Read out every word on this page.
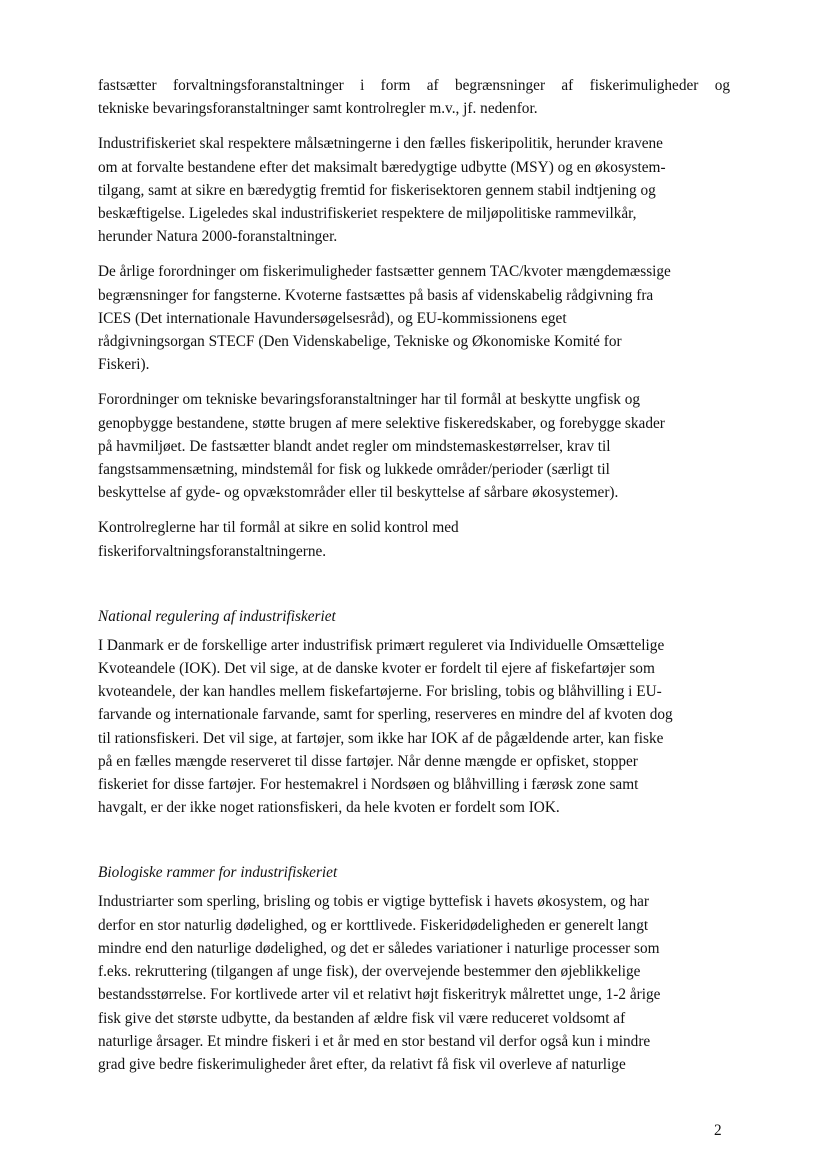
fastsætter forvaltningsforanstaltninger i form af begrænsninger af fiskerimuligheder og
tekniske bevaringsforanstaltninger samt kontrolregler m.v., jf. nedenfor.

Industrifiskeriet skal respektere målsætningerne i den fælles fiskeripolitik, herunder kravene
om at forvalte bestandene efter det maksimalt bæredygtige udbytte (MSY) og en økosystem-
tilgang, samt at sikre en bæredygtig fremtid for fiskerisektoren gennem stabil indtjening og
beskæftigelse. Ligeledes skal industrifiskeriet respektere de miljøpolitiske rammevilkår,
herunder Natura 2000-foranstaltninger.

De årlige forordninger om fiskerimuligheder fastsætter gennem TAC/kvoter mængdemæssige
begrænsninger for fangsterne. Kvoterne fastsættes på basis af videnskabelig rådgivning fra
ICES (Det internationale Havundersøgelsesråd), og EU-kommissionens eget
rådgivningsorgan STECF (Den Videnskabelige, Tekniske og Økonomiske Komité for
Fiskeri).

Forordninger om tekniske bevaringsforanstaltninger har til formål at beskytte ungfisk og
genopbygge bestandene, støtte brugen af mere selektive fiskeredskaber, og forebygge skader
på havmiljøet. De fastsætter blandt andet regler om mindstemaskestørrelser, krav til
fangstsammensætning, mindstemål for fisk og lukkede områder/perioder (særligt til
beskyttelse af gyde- og opvækstområder eller til beskyttelse af sårbare økosystemer).

Kontrolreglerne har til formål at sikre en solid kontrol med
fiskeriforvaltningsforanstaltningerne.

National regulering af industrifiskeriet

I Danmark er de forskellige arter industrifisk primært reguleret via Individuelle Omsættelige
Kvoteandele (IOK). Det vil sige, at de danske kvoter er fordelt til ejere af fiskefartøjer som
kvoteandele, der kan handles mellem fiskefartøjerne. For brisling, tobis og blåhvilling i EU-
farvande og internationale farvande, samt for sperling, reserveres en mindre del af kvoten dog
til rationsfiskeri. Det vil sige, at fartøjer, som ikke har IOK af de pågældende arter, kan fiske
på en fælles mængde reserveret til disse fartøjer. Når denne mængde er opfisket, stopper
fiskeriet for disse fartøjer. For hestemakrel i Nordsøen og blåhvilling i færøsk zone samt
havgalt, er der ikke noget rationsfiskeri, da hele kvoten er fordelt som IOK.

Biologiske rammer for industrifiskeriet

Industriarter som sperling, brisling og tobis er vigtige byttefisk i havets økosystem, og har
derfor en stor naturlig dødelighed, og er korttlivede. Fiskeridødeligheden er generelt langt
mindre end den naturlige dødelighed, og det er således variationer i naturlige processer som
f.eks. rekruttering (tilgangen af unge fisk), der overvejende bestemmer den øjeblikkelige
bestandsstørrelse. For kortlivede arter vil et relativt højt fiskeritryk målrettet unge, 1-2 årige
fisk give det største udbytte, da bestanden af ældre fisk vil være reduceret voldsomt af
naturlige årsager. Et mindre fiskeri i et år med en stor bestand vil derfor også kun i mindre
grad give bedre fiskerimuligheder året efter, da relativt få fisk vil overleve af naturlige

2
